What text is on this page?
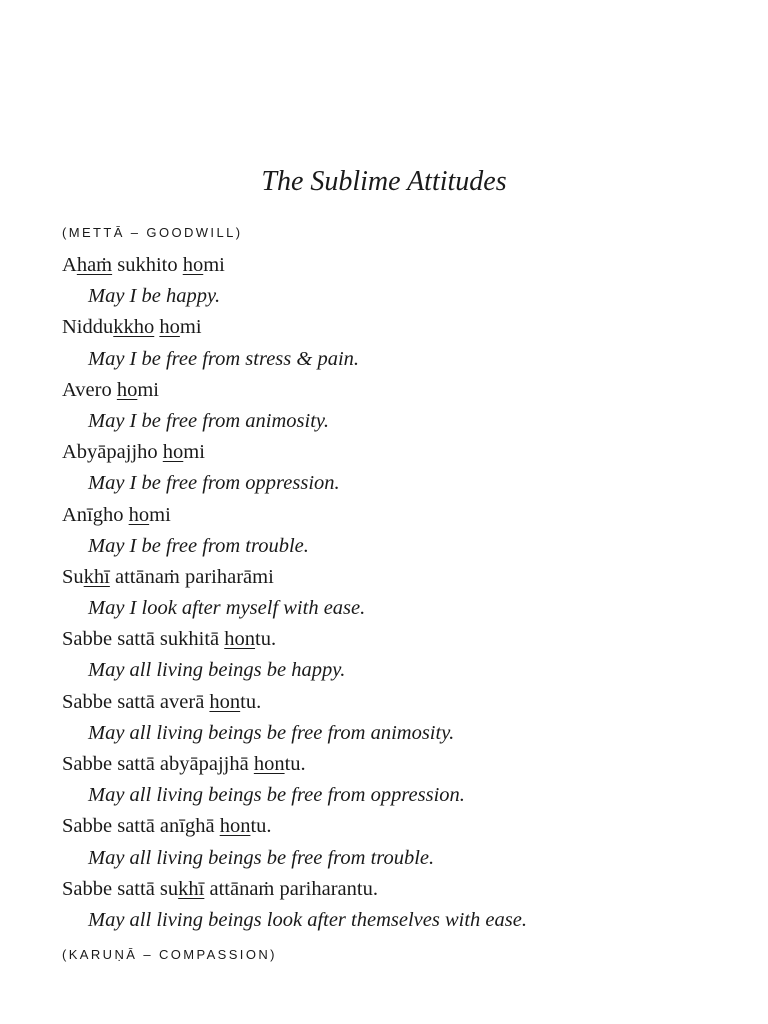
The Sublime Attitudes
(METTĀ – GOODWILL)
Ahaṁ sukhito homi
May I be happy.
Niddukkho homi
May I be free from stress & pain.
Avero homi
May I be free from animosity.
Abyāpajjho homi
May I be free from oppression.
Anīgho homi
May I be free from trouble.
Sukhī attānaṁ pariharāmi
May I look after myself with ease.
Sabbe sattā sukhitā hontu.
May all living beings be happy.
Sabbe sattā averā hontu.
May all living beings be free from animosity.
Sabbe sattā abyāpajjhā hontu.
May all living beings be free from oppression.
Sabbe sattā anīghā hontu.
May all living beings be free from trouble.
Sabbe sattā sukhī attānaṁ pariharantu.
May all living beings look after themselves with ease.
(KARUṆĀ – COMPASSION)
